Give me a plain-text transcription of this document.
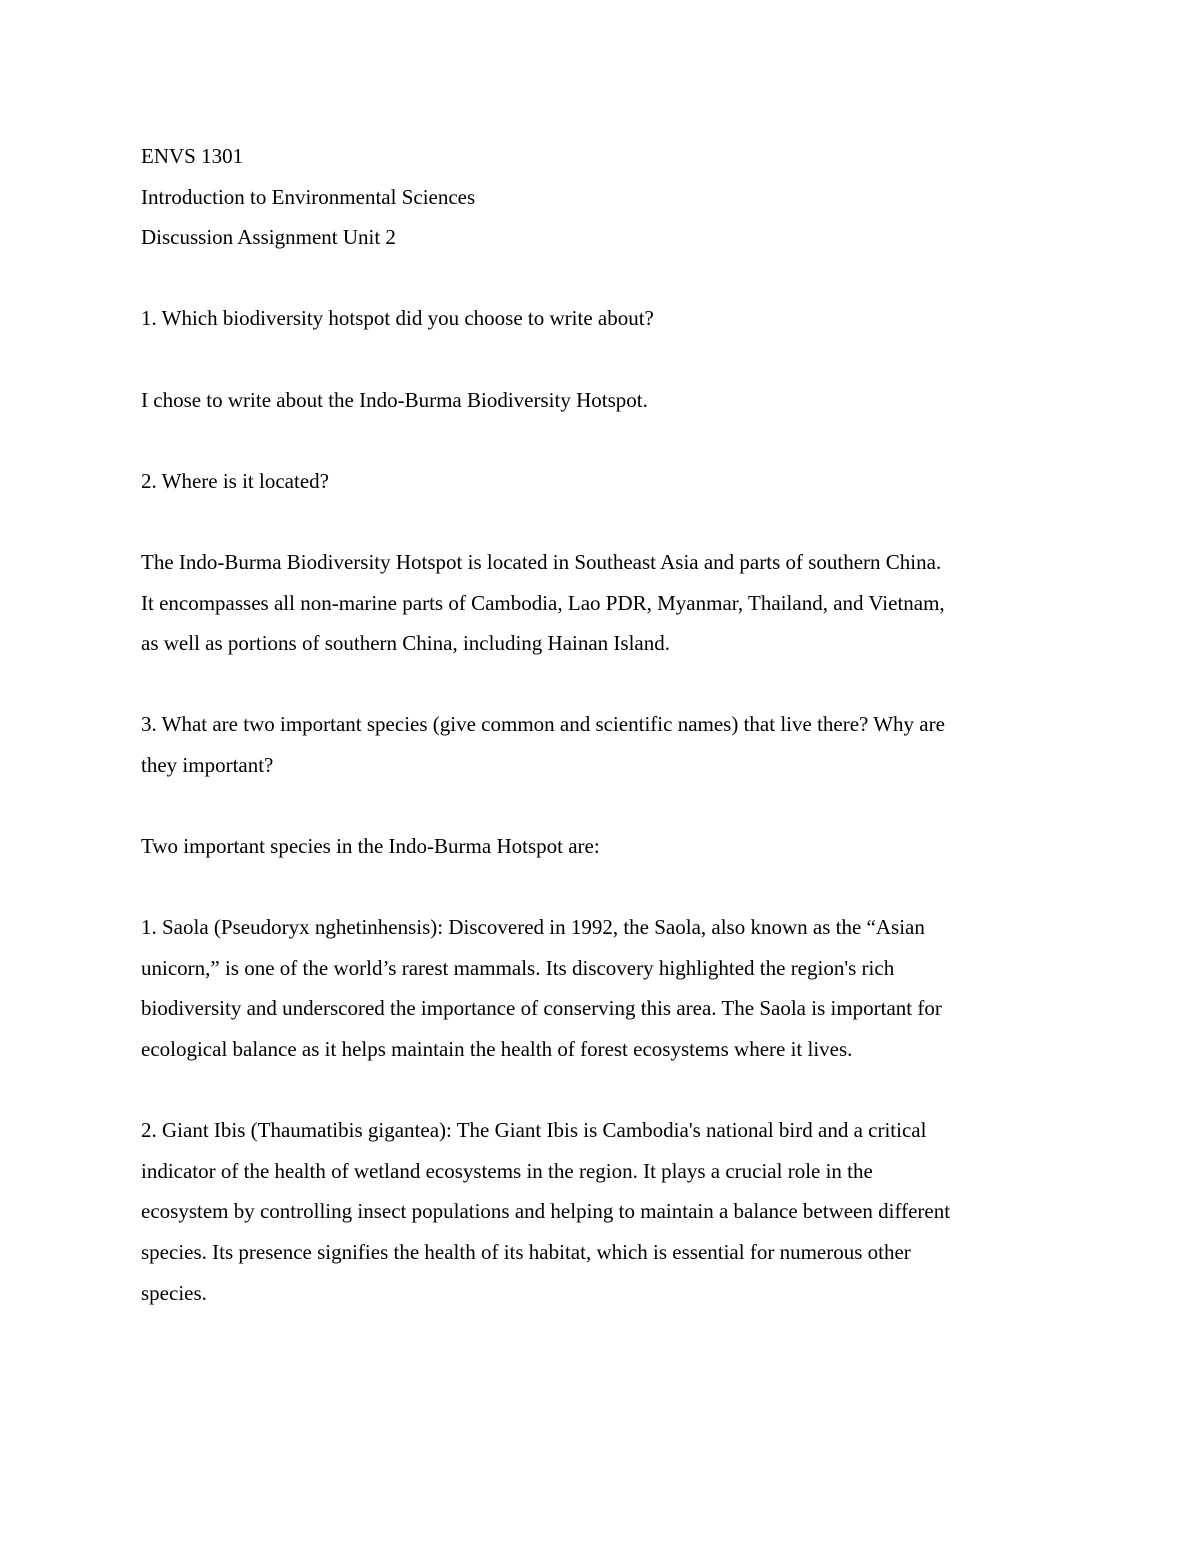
ENVS 1301
Introduction to Environmental Sciences
Discussion Assignment Unit 2
1. Which biodiversity hotspot did you choose to write about?
I chose to write about the Indo-Burma Biodiversity Hotspot.
2. Where is it located?
The Indo-Burma Biodiversity Hotspot is located in Southeast Asia and parts of southern China.
It encompasses all non-marine parts of Cambodia, Lao PDR, Myanmar, Thailand, and Vietnam,
as well as portions of southern China, including Hainan Island.
3. What are two important species (give common and scientific names) that live there? Why are
they important?
Two important species in the Indo-Burma Hotspot are:
1. Saola (Pseudoryx nghetinhensis): Discovered in 1992, the Saola, also known as the “Asian
unicorn,” is one of the world’s rarest mammals. Its discovery highlighted the region's rich
biodiversity and underscored the importance of conserving this area. The Saola is important for
ecological balance as it helps maintain the health of forest ecosystems where it lives.
2. Giant Ibis (Thaumatibis gigantea): The Giant Ibis is Cambodia's national bird and a critical
indicator of the health of wetland ecosystems in the region. It plays a crucial role in the
ecosystem by controlling insect populations and helping to maintain a balance between different
species. Its presence signifies the health of its habitat, which is essential for numerous other
species.
